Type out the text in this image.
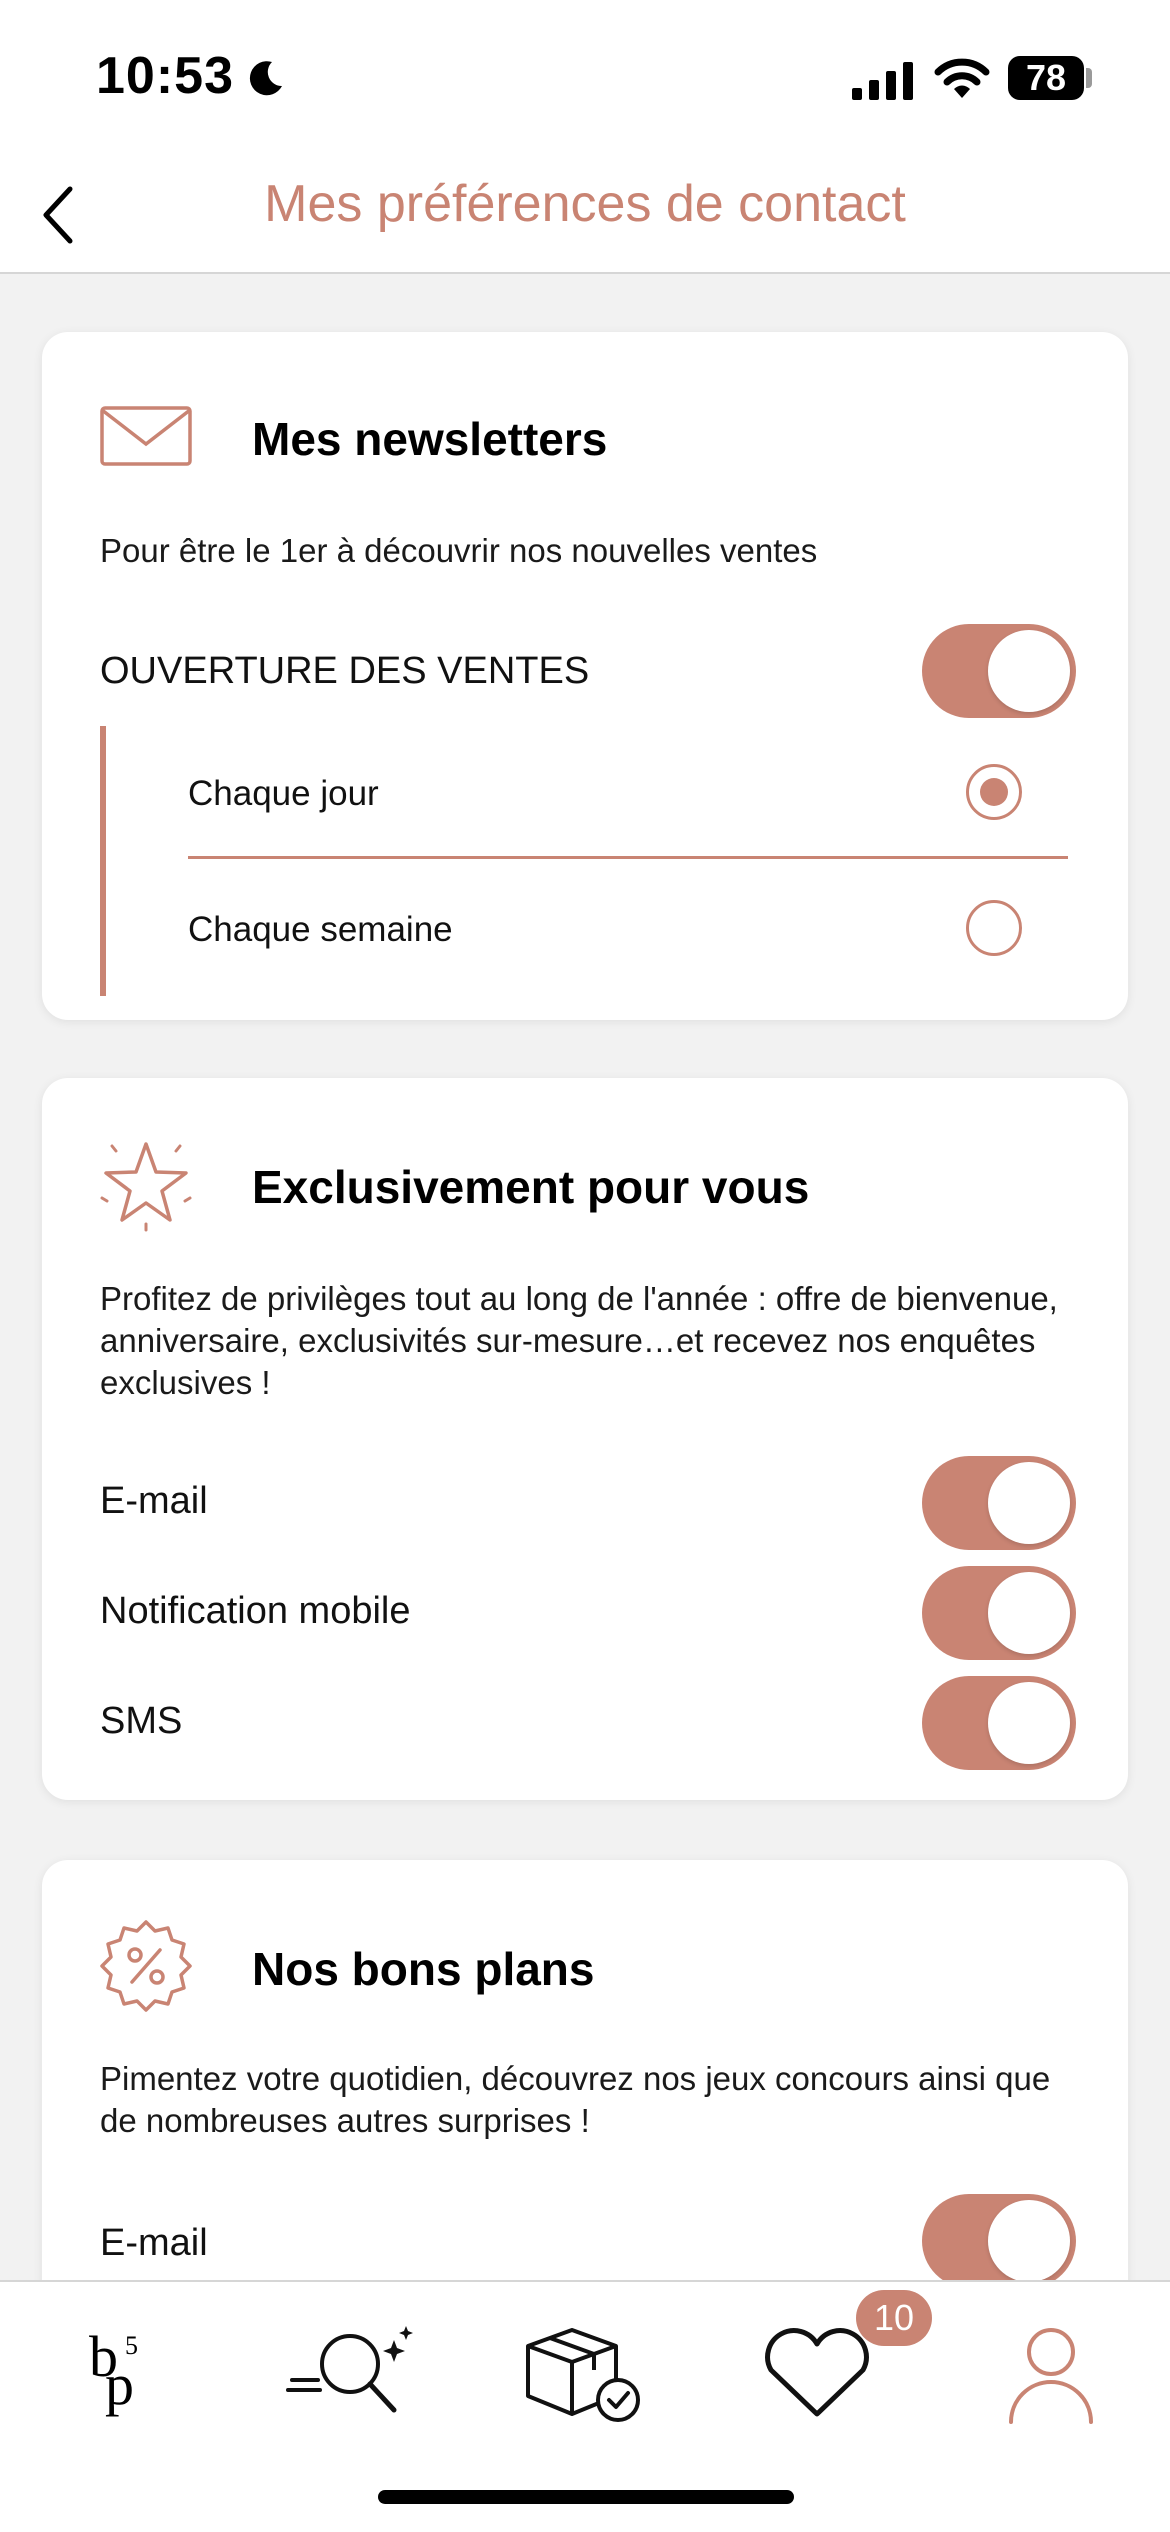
10:53	78
Mes préférences de contact
Mes newsletters
Pour être le 1er à découvrir nos nouvelles ventes
OUVERTURE DES VENTES
Chaque jour
Chaque semaine
Exclusivement pour vous
Profitez de privilèges tout au long de l'année : offre de bienvenue, anniversaire, exclusivités sur-mesure…et recevez nos enquêtes exclusives !
E-mail
Notification mobile
SMS
Nos bons plans
Pimentez votre quotidien, découvrez nos jeux concours ainsi que de nombreuses autres surprises !
E-mail
b
p
5
10
